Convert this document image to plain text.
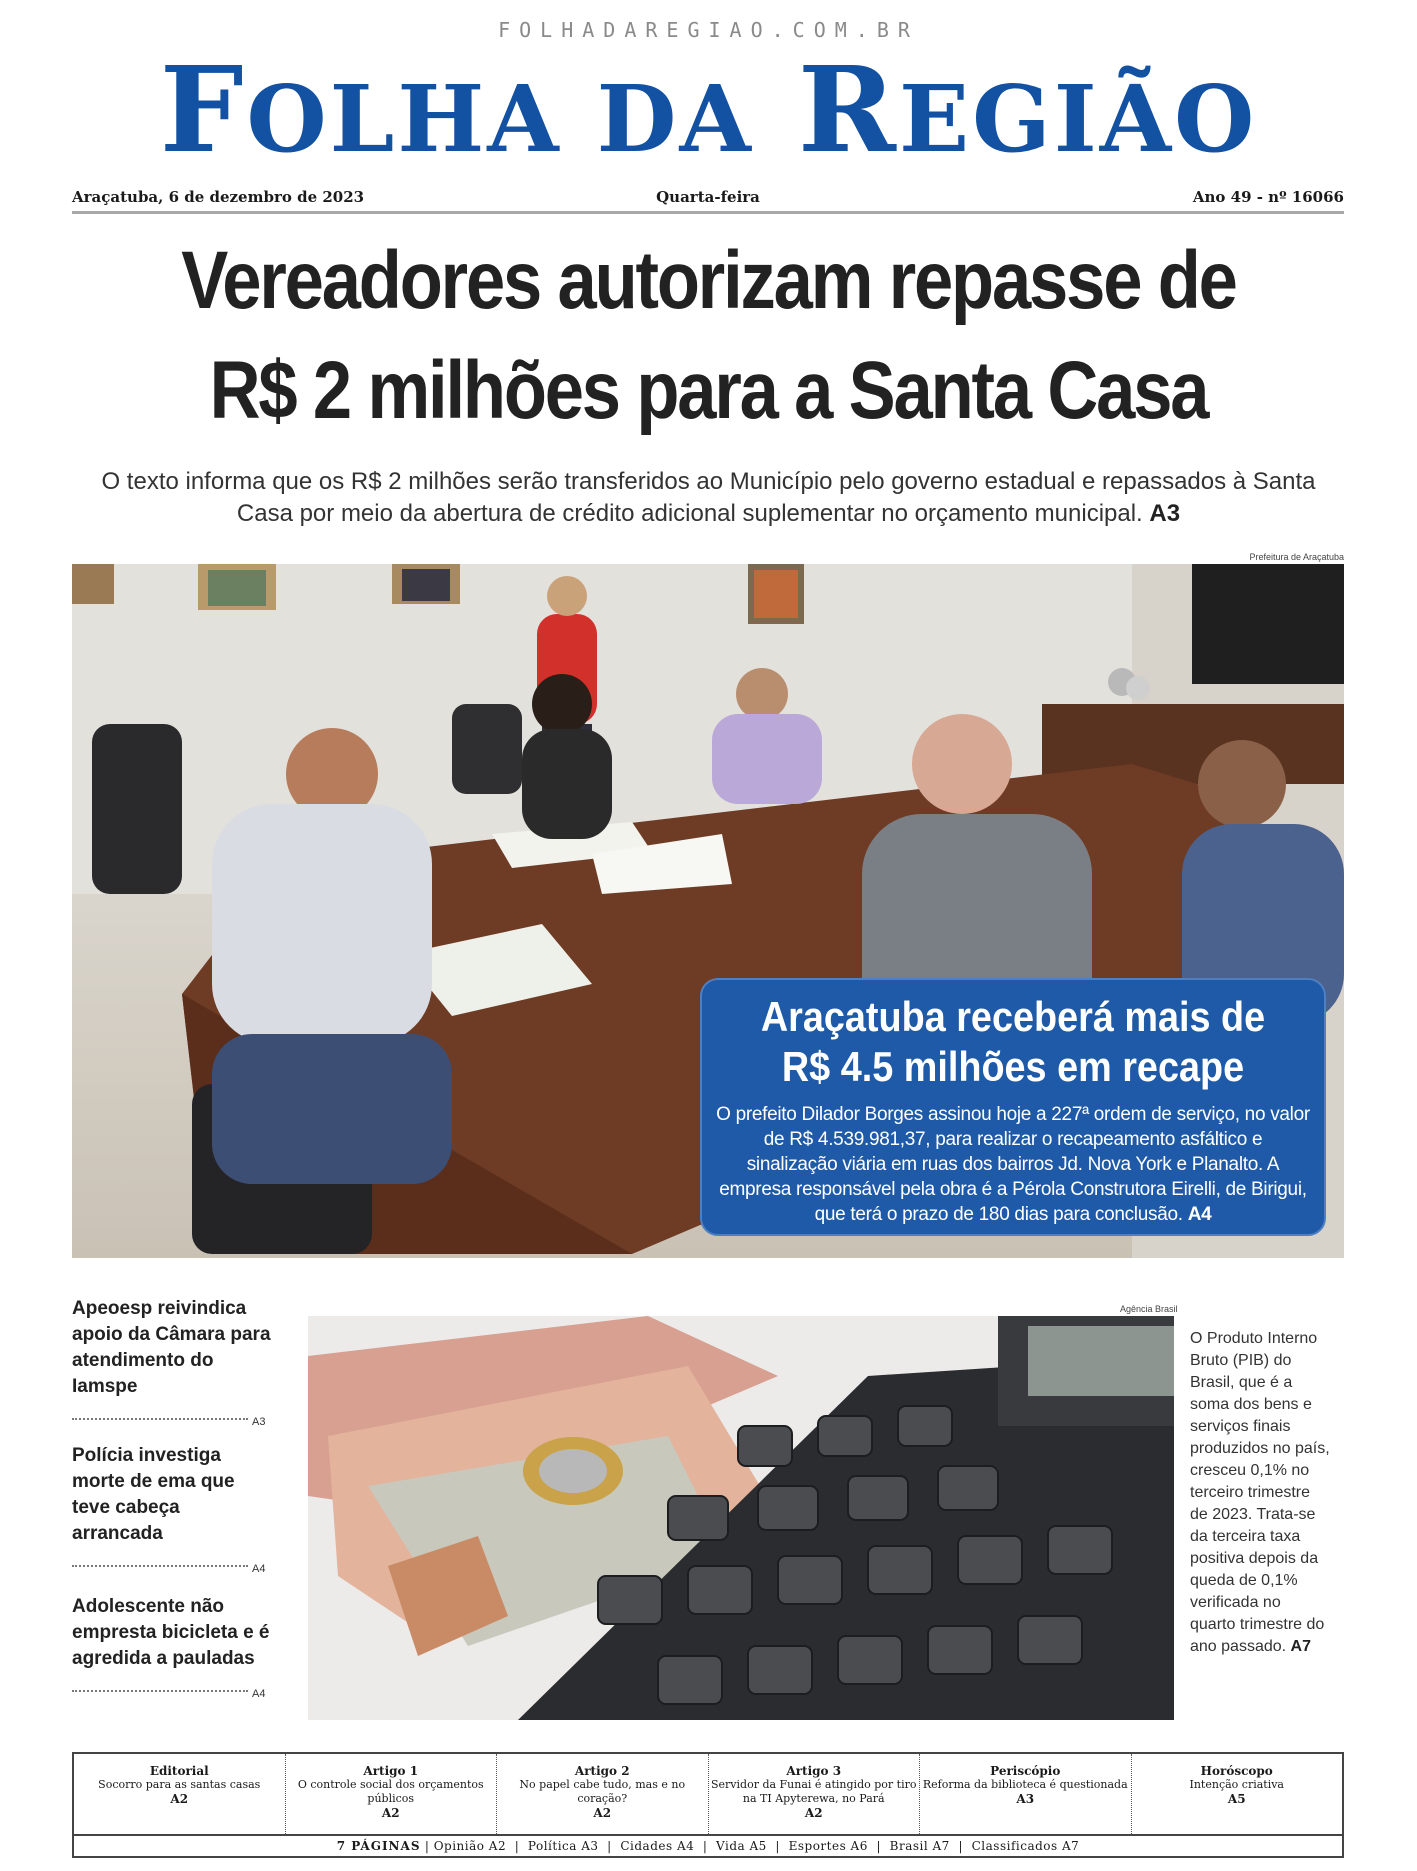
FOLHADAREGIAO.COM.BR
FOLHA DA REGIÃO
Araçatuba, 6 de dezembro de 2023	Quarta-feira	Ano 49 - nº 16066
Vereadores autorizam repasse de
R$ 2 milhões para a Santa Casa

O texto informa que os R$ 2 milhões serão transferidos ao Município pelo governo estadual e repassados à Santa Casa por meio da abertura de crédito adicional suplementar no orçamento municipal. A3

Prefeitura de Araçatuba
Araçatuba receberá mais de
R$ 4.5 milhões em recape

O prefeito Dilador Borges assinou hoje a 227ª ordem de serviço, no valor de R$ 4.539.981,37, para realizar o recapeamento asfáltico e sinalização viária em ruas dos bairros Jd. Nova York e Planalto. A empresa responsável pela obra é a Pérola Construtora Eirelli, de Birigui, que terá o prazo de 180 dias para conclusão. A4

Apeoesp reivindica apoio da Câmara para atendimento do Iamspe
A3
Polícia investiga morte de ema que teve cabeça arrancada
A4
Adolescente não empresta bicicleta e é agredida a pauladas
A4
Agência Brasil

O Produto Interno Bruto (PIB) do Brasil, que é a soma dos bens e serviços finais produzidos no país, cresceu 0,1% no terceiro trimestre de 2023. Trata-se da terceira taxa positiva depois da queda de 0,1% verificada no quarto trimestre do ano passado. A7

Editorial
Socorro para as santas casas
A2
Artigo 1
O controle social dos orçamentos públicos
A2
Artigo 2
No papel cabe tudo, mas e no coração?
A2
Artigo 3
Servidor da Funai é atingido por tiro na TI Apyterewa, no Pará
A2
Periscópio
Reforma da biblioteca é questionada
A3
Horóscopo
Intenção criativa
A5
7 PÁGINAS | Opinião A2  |  Política A3  |  Cidades A4  |  Vida A5  |  Esportes A6  |  Brasil A7  |  Classificados A7
